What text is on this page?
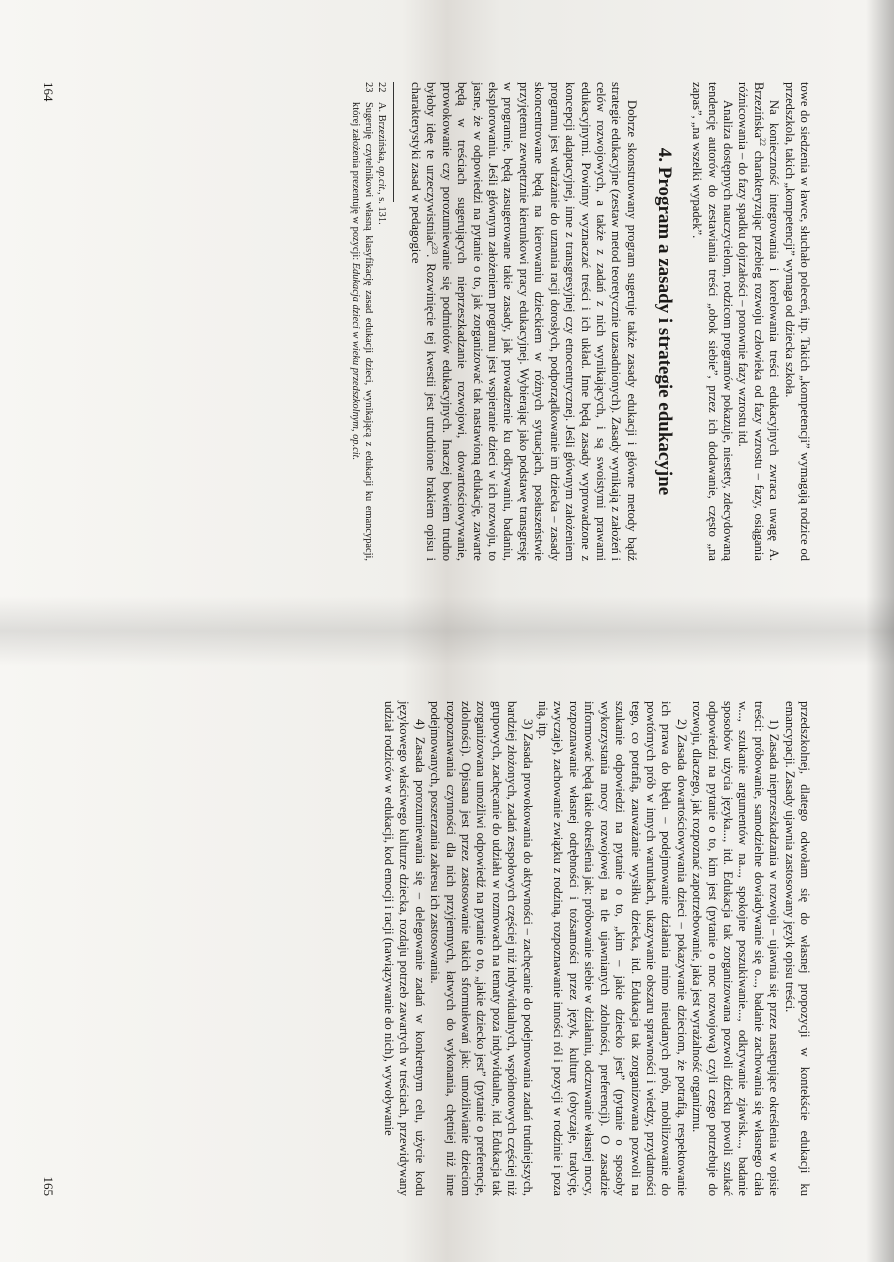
towe do siedzenia w ławce, słuchało poleceń, itp. Takich „kompetencji” wymagają rodzice od przedszkola, takich „kompetencji” wymaga od dziecka szkoła.

Na konieczność integrowania i korelowania treści edukacyjnych zwraca uwagę A. Brzezińska$^{22}$ charakteryzując przebieg rozwoju człowieka od fazy wzrostu – fazy, osiągania różnicowania – do fazy spadku dojrzałości – ponownie fazy wzrostu itd.

Analiza dostępnych nauczycielom, rodzicom programów pokazuje, niestety, zdecydowaną tendencję autorów do zestawiania treści „obok siebie”, przez ich dodawanie, często „na zapas”, „na wszelki wypadek”.

4. Program a zasady i strategie edukacyjne

Dobrze skonstruowany program sugeruje także zasady edukacji i główne metody bądź strategie edukacyjne (zestaw metod teoretycznie uzasadnionych). Zasady wynikają z założeń i celów rozwojowych, a także z zadań z nich wynikających, i są swoistymi prawami edukacyjnymi. Powinny wyznaczać treści i ich układ. Inne będą zasady wyprowadzone z koncepcji adaptacyjnej, inne z transgresyjnej czy etnocentrycznej. Jeśli głównym założeniem programu jest wdrażanie do uznania racji dorosłych, podporządkowanie im dziecka – zasady skoncentrowane będą na kierowaniu dzieckiem w różnych sytuacjach, posłuszeństwie przyjętemu zewnętrznie kierunkowi pracy edukacyjnej. Wybierając jako podstawę transgresję w programie, będą zasugerowane takie zasady, jak prowadzenie ku odkrywaniu, badaniu, eksplorowaniu. Jeśli głównym założeniem programu jest wspieranie dzieci w ich rozwoju, to jasne, że w odpowiedzi na pytanie o to, jak zorganizować tak nastawioną edukację, zawarte będą w treściach sugerujących nieprzeszkadzanie rozwojowi, dowartościowywanie, prowokowanie czy porozumiewanie się podmiotów edukacyjnych. Inaczej bowiem trudno byłoby ideę te urzeczywistniać$^{23}$. Rozwinięcie tej kwestii jest utrudnione brakiem opisu i charakterystyki zasad w pedagogice

22

A. Brzezińska, op.cit., s. 131.

23

Sugeruję czytelnikowi własną klasyfikację zasad edukacji dzieci, wynikającą z edukacji ku emancypacji, której założenia prezentuję w pozycji: Edukacja dzieci w wieku przedszkolnym, op.cit.

164

przedszkolnej, dlatego odwołam się do własnej propozycji w kontekście edukacji ku emancypacji. Zasady ujawnia zastosowany język opisu treści.

1) Zasada nieprzeszkadzania w rozwoju – ujawnia się przez następujące określenia w opisie treści: próbowanie, samodzielne dowiadywanie się o..., badanie zachowania się własnego ciała w..., szukanie argumentów na..., spokojne poszukiwanie..., odkrywanie zjawisk..., badanie sposobów użycia języka..., itd. Edukacja tak zorganizowana pozwoli dziecku powoli szukać odpowiedzi na pytanie o to, kim jest (pytanie o moc rozwojową) czyli czego potrzebuje do rozwoju, dlaczego, jak rozpoznać zapotrzebowanie, jaka jest wyrażalność organizmu.

2) Zasada dowartościowywania dzieci – pokazywanie dzieciom, że potrafią, respektowanie ich prawa do błędu – podejmowanie działania mimo nieudanych prób, mobilizowanie do powtórnych prób w innych warunkach, ukazywanie obszaru sprawności i wiedzy, przydatności tego, co potrafią, zauważanie wysiłku dziecka, itd. Edukacja tak zorganizowana pozwoli na szukanie odpowiedzi na pytanie o to, „kim – jakie dziecko jest” (pytanie o sposoby wykorzystania mocy rozwojowej na tle ujawnianych zdolności, preferencji). O zasadzie informować będą takie określenia jak: próbowanie siebie w działaniu, odczuwanie własnej mocy, rozpoznawanie własnej odrębności i tożsamości przez język, kulturę (obyczaje, tradycję, zwyczaje), zachowanie związku z rodziną, rozpoznawanie inności ról i pozycji w rodzinie i poza nią, itp.

3) Zasada prowokowania do aktywności – zachęcanie do podejmowania zadań trudniejszych, bardziej złożonych, zadań zespołowych częściej niż indywidualnych, współnotowych częściej niż grupowych, zachęcanie do udziału w rozmowach na tematy poza indywidualne, itd. Edukacja tak zorganizowana umożliwi odpowiedź na pytanie o to, „jakie dziecko jest” (pytanie o preferencje, zdolności). Opisana jest przez zastosowanie takich sformułowań jak: umożliwianie dzieciom rozpoznawania czynności dla nich przyjemnych, łatwych do wykonania, chętniej niż inne podejmowanych, poszerzania zakresu ich zastosowania.

4) Zasada porozumiewania się – delegowanie zadań w konkretnym celu, użycie kodu językowego właściwego kulturze dziecka, rozdaju potrzeb zawartych w treściach, przewidywany udział rodziców w edukacji, kod emocji i racji (nawiązywanie do nich), wywoływanie

165
